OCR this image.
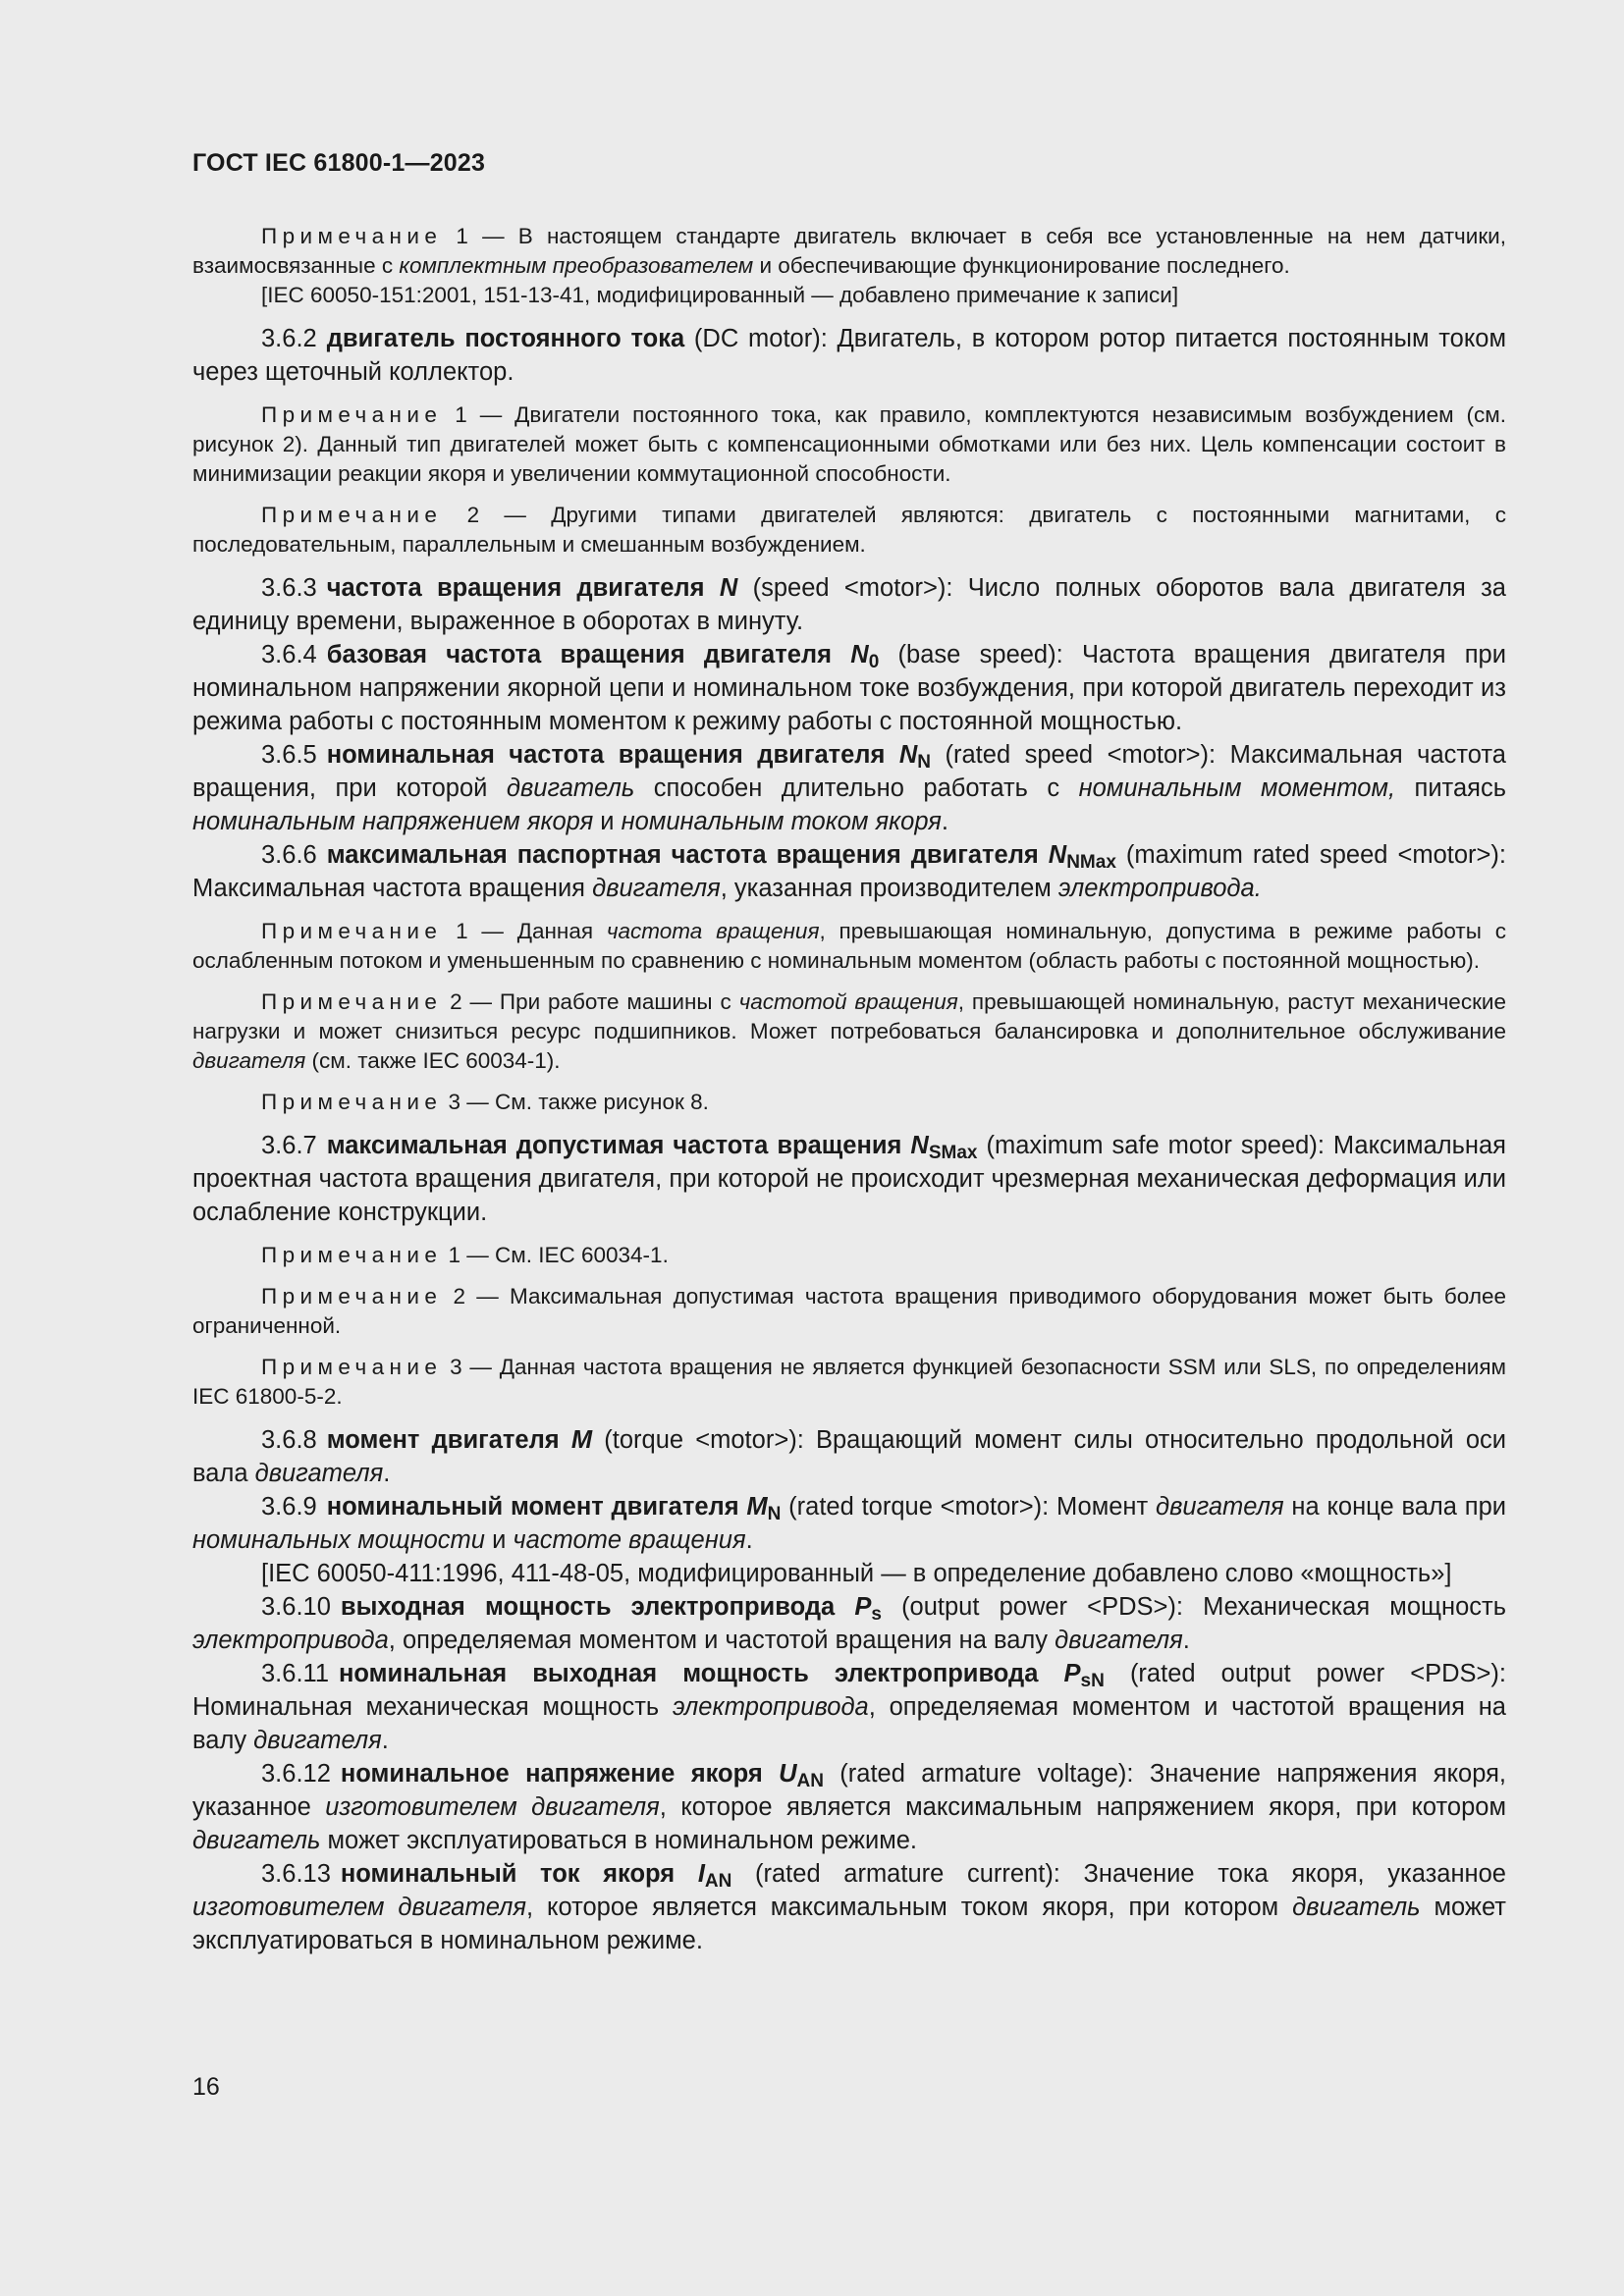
ГОСТ IEC 61800-1—2023

Примечание 1 — В настоящем стандарте двигатель включает в себя все установленные на нем датчики, взаимосвязанные с комплектным преобразователем и обеспечивающие функционирование последнего.

[IEC 60050-151:2001, 151-13-41, модифицированный — добавлено примечание к записи]

3.6.2 двигатель постоянного тока (DC motor): Двигатель, в котором ротор питается постоянным током через щеточный коллектор.

Примечание 1 — Двигатели постоянного тока, как правило, комплектуются независимым возбуждением (см. рисунок 2). Данный тип двигателей может быть с компенсационными обмотками или без них. Цель компенсации состоит в минимизации реакции якоря и увеличении коммутационной способности.

Примечание 2 — Другими типами двигателей являются: двигатель с постоянными магнитами, с последовательным, параллельным и смешанным возбуждением.

3.6.3 частота вращения двигателя N (speed <motor>): Число полных оборотов вала двигателя за единицу времени, выраженное в оборотах в минуту.

3.6.4 базовая частота вращения двигателя $N_0$ (base speed): Частота вращения двигателя при номинальном напряжении якорной цепи и номинальном токе возбуждения, при которой двигатель переходит из режима работы с постоянным моментом к режиму работы с постоянной мощностью.

3.6.5 номинальная частота вращения двигателя $N_N$ (rated speed <motor>): Максимальная частота вращения, при которой двигатель способен длительно работать с номинальным моментом, питаясь номинальным напряжением якоря и номинальным током якоря.

3.6.6 максимальная паспортная частота вращения двигателя $N_{NMax}$ (maximum rated speed <motor>): Максимальная частота вращения двигателя, указанная производителем электропривода.

Примечание 1 — Данная частота вращения, превышающая номинальную, допустима в режиме работы с ослабленным потоком и уменьшенным по сравнению с номинальным моментом (область работы с постоянной мощностью).

Примечание 2 — При работе машины с частотой вращения, превышающей номинальную, растут механические нагрузки и может снизиться ресурс подшипников. Может потребоваться балансировка и дополнительное обслуживание двигателя (см. также IEC 60034-1).

Примечание 3 — См. также рисунок 8.

3.6.7 максимальная допустимая частота вращения $N_{SMax}$ (maximum safe motor speed): Максимальная проектная частота вращения двигателя, при которой не происходит чрезмерная механическая деформация или ослабление конструкции.

Примечание 1 — См. IEC 60034-1.

Примечание 2 — Максимальная допустимая частота вращения приводимого оборудования может быть более ограниченной.

Примечание 3 — Данная частота вращения не является функцией безопасности SSM или SLS, по определениям IEC 61800-5-2.

3.6.8 момент двигателя M (torque <motor>): Вращающий момент силы относительно продольной оси вала двигателя.

3.6.9 номинальный момент двигателя $M_N$ (rated torque <motor>): Момент двигателя на конце вала при номинальных мощности и частоте вращения.

[IEC 60050-411:1996, 411-48-05, модифицированный — в определение добавлено слово «мощность»]

3.6.10 выходная мощность электропривода $P_s$ (output power <PDS>): Механическая мощность электропривода, определяемая моментом и частотой вращения на валу двигателя.

3.6.11 номинальная выходная мощность электропривода $P_{sN}$ (rated output power <PDS>): Номинальная механическая мощность электропривода, определяемая моментом и частотой вращения на валу двигателя.

3.6.12 номинальное напряжение якоря $U_{AN}$ (rated armature voltage): Значение напряжения якоря, указанное изготовителем двигателя, которое является максимальным напряжением якоря, при котором двигатель может эксплуатироваться в номинальном режиме.

3.6.13 номинальный ток якоря $I_{AN}$ (rated armature current): Значение тока якоря, указанное изготовителем двигателя, которое является максимальным током якоря, при котором двигатель может эксплуатироваться в номинальном режиме.

16
